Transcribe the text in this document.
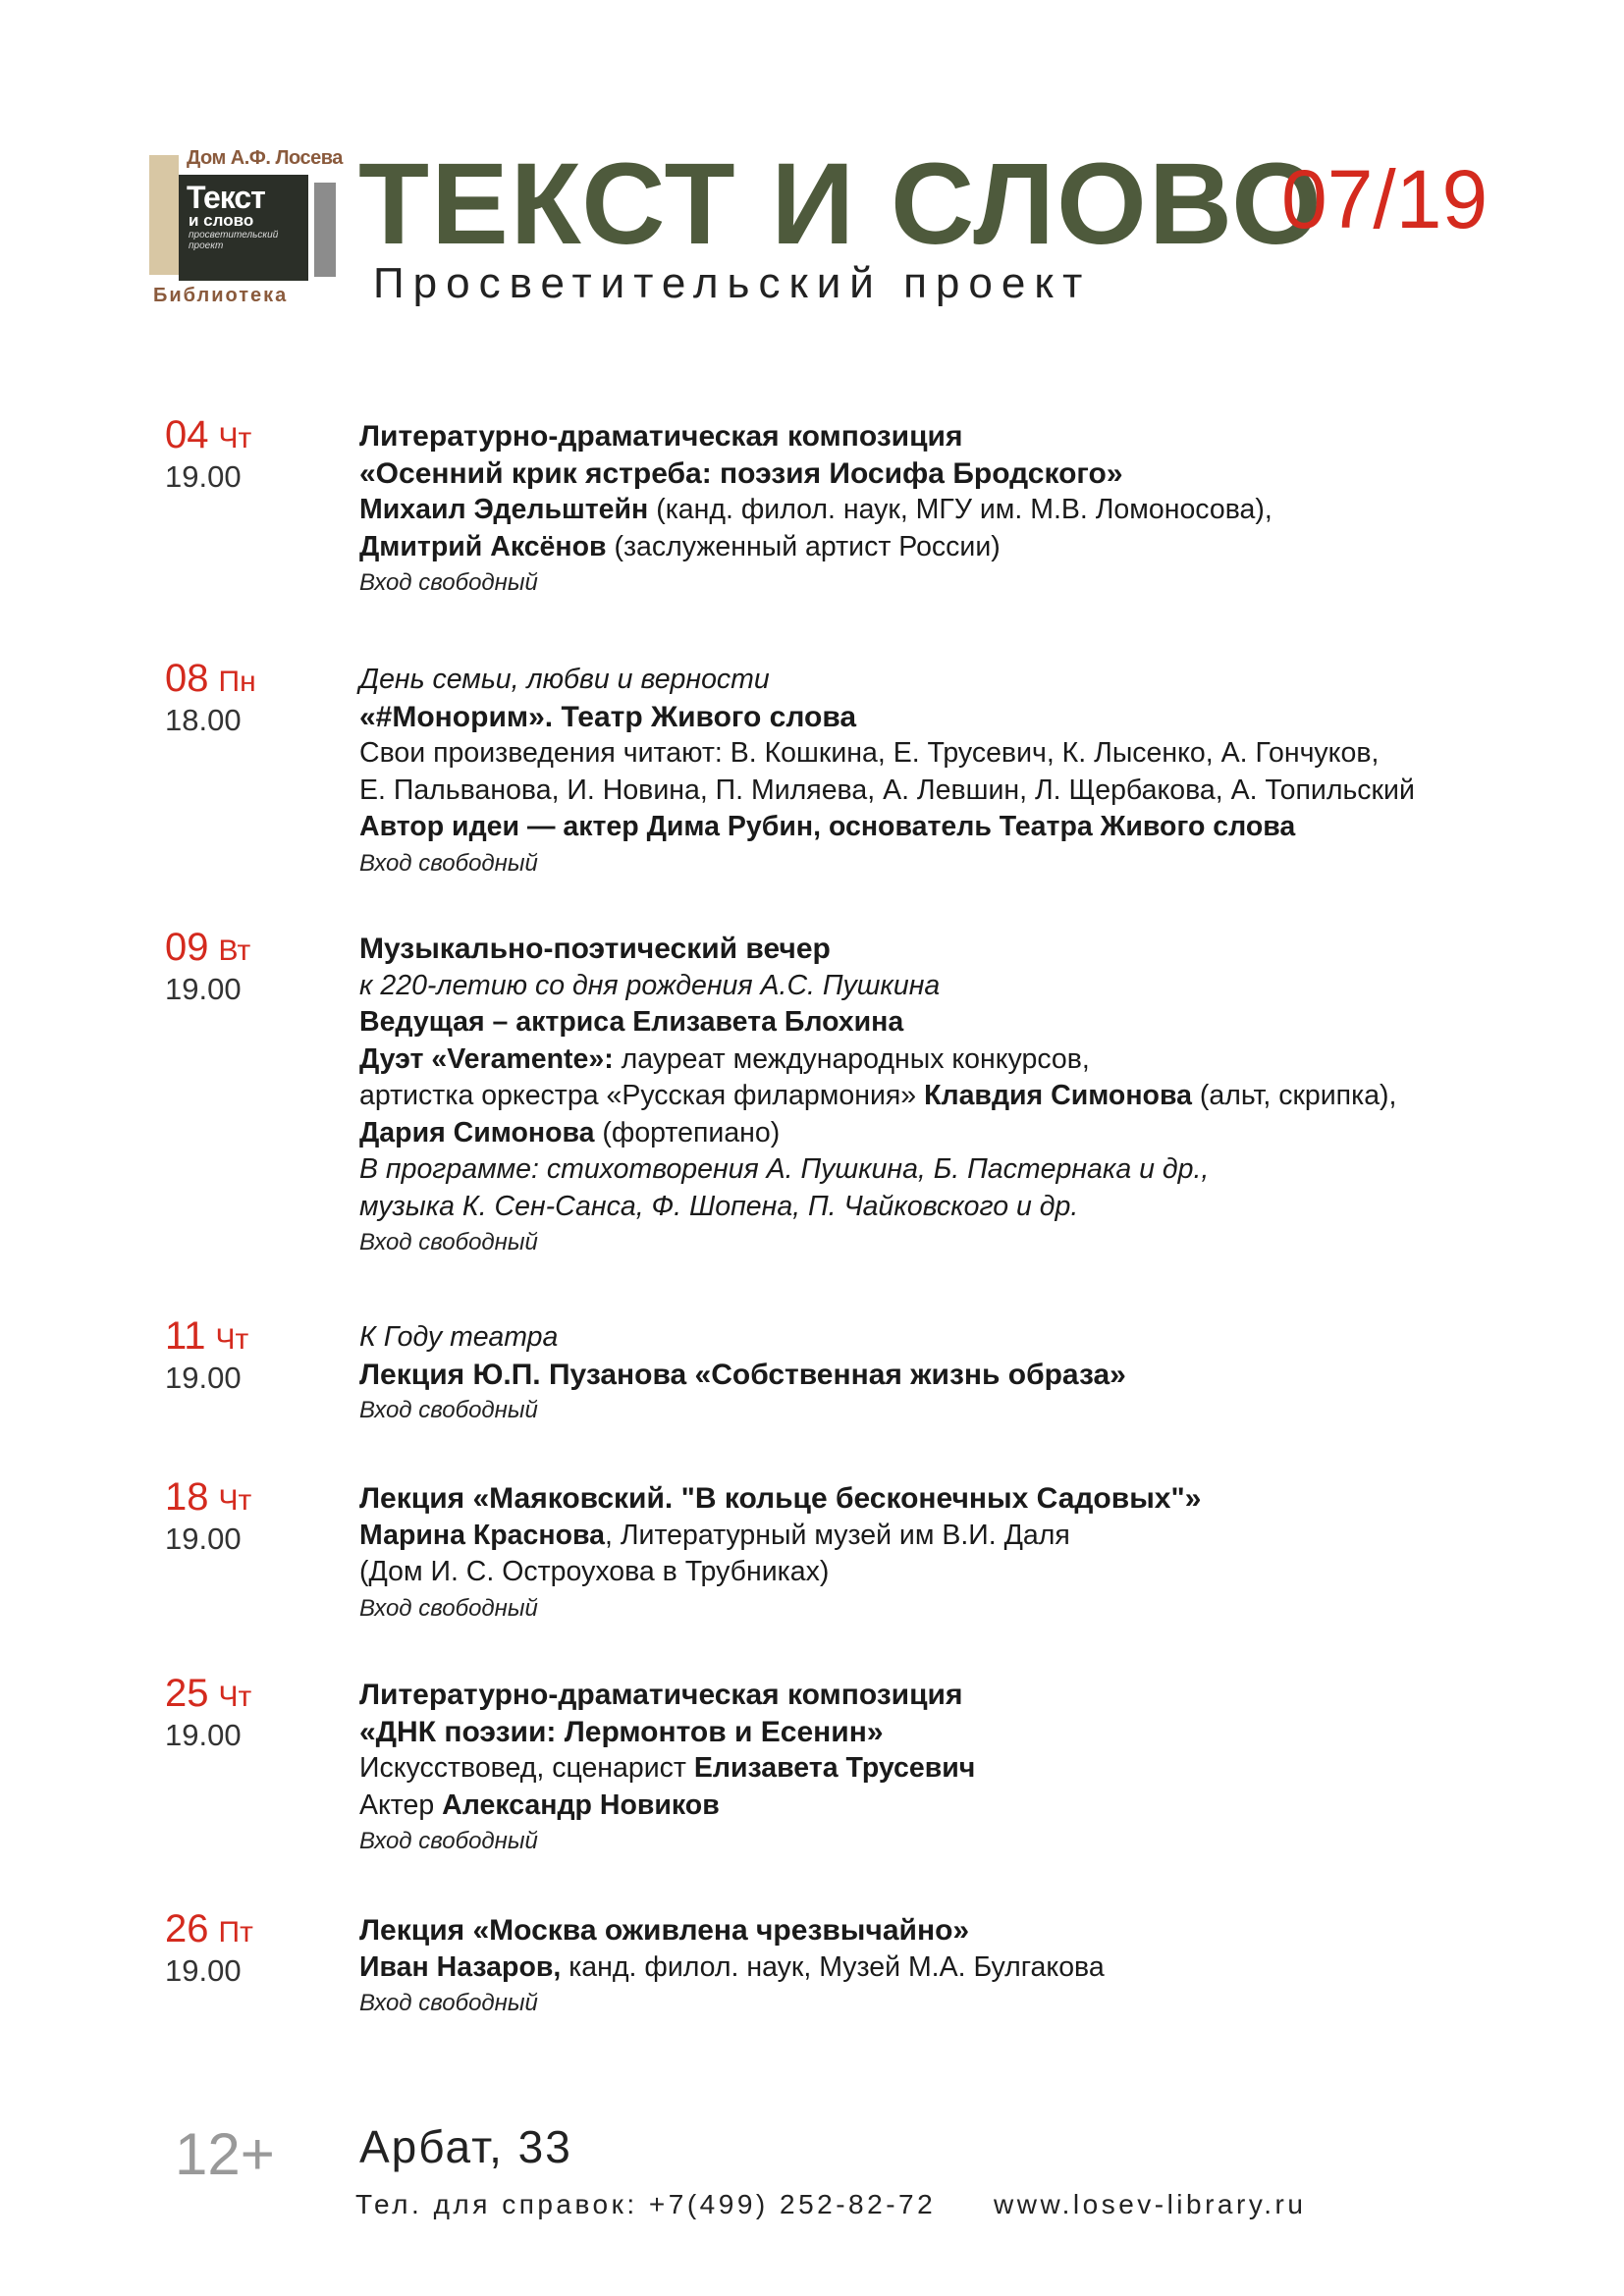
Дом А.Ф. Лосева
Текст
и слово
просветительский проект
Библиотека
ТЕКСТ И СЛОВО
07/19
Просветительский проект
04 Чт
19.00
Литературно-драматическая композиция
«Осенний крик ястреба: поэзия Иосифа Бродского»
Михаил Эдельштейн (канд. филол. наук, МГУ им. М.В. Ломоносова),
Дмитрий Аксёнов (заслуженный артист России)
Вход свободный
08 Пн
18.00
День семьи, любви и верности
«#Монорим». Театр Живого слова
Свои произведения читают: В. Кошкина, Е. Трусевич, К. Лысенко, А. Гончуков,
Е. Пальванова, И. Новина, П. Миляева, А. Левшин, Л. Щербакова, А. Топильский
Автор идеи — актер Дима Рубин, основатель Театра Живого слова
Вход свободный
09 Вт
19.00
Музыкально-поэтический вечер
к 220-летию со дня рождения А.С. Пушкина
Ведущая – актриса Елизавета Блохина
Дуэт «Veramente»: лауреат международных конкурсов,
артистка оркестра «Русская филармония» Клавдия Симонова (альт, скрипка),
Дария Симонова (фортепиано)
В программе: стихотворения А. Пушкина, Б. Пастернака и др.,
музыка К. Сен-Санса, Ф. Шопена, П. Чайковского и др.
Вход свободный
11 Чт
19.00
К Году театра
Лекция Ю.П. Пузанова «Собственная жизнь образа»
Вход свободный
18 Чт
19.00
Лекция «Маяковский. "В кольце бесконечных Садовых"»
Марина Краснова, Литературный музей им В.И. Даля
(Дом И. С. Остроухова в Трубниках)
Вход свободный
25 Чт
19.00
Литературно-драматическая композиция
«ДНК поэзии: Лермонтов и Есенин»
Искусствовед, сценарист Елизавета Трусевич
Актер Александр Новиков
Вход свободный
26 Пт
19.00
Лекция «Москва оживлена чрезвычайно»
Иван Назаров, канд. филол. наук, Музей М.А. Булгакова
Вход свободный
12+ Арбат, 33
Тел. для справок: +7(499) 252-82-72 www.losev-library.ru
